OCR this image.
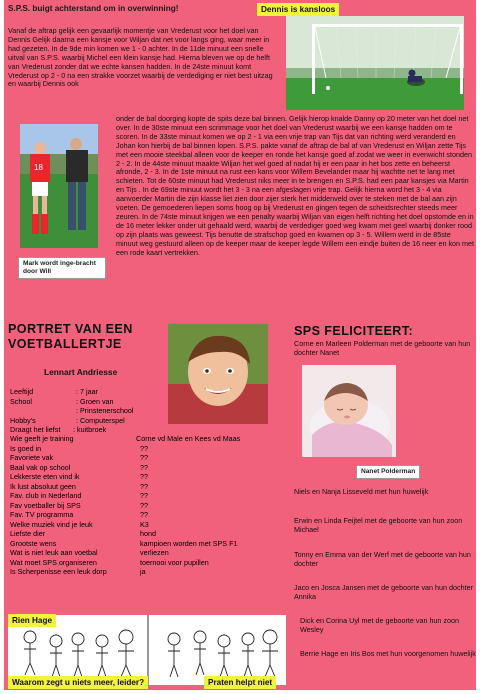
S.P.S. buigt achterstand om in overwinning!
Vanaf de aftrap gelijk een gevaarlijk momentje van Vrederust voor het doel van Dennis Gelijk daarna een kansje voor Wiljan dat net voor langs ging, waar meer in had gezeten. In de 9de min komen we 1 - 0 achter. In de 11de minuut een snelle uitval van S.P.S. waarbij Michel een klein kansje had. Hierna bleven we op de helft van Vrederust zonder dat we echte kansen hadden. In de 24ste minuut komt Vrederust op 2 - 0 na een strakke voorzet waarbij de verdediging er niet best uitzag en waarbij Dennis ook
Dennis is kanslоos
18
Mark wordt inge-bracht door Will
onder de bal doorging kopte de spits deze bal binnen. Gelijk hierop knalde Danny op 20 meter van het doel net over. In de 30ste minuut een scrimmage voor het doel van Vrederust waarbij we een kansje hadden om te scoren. In de 33ste minuut komen we op 2 - 1 via een vrije trap van Tijs dat van richting werd veranderd en Johan kon hierbij de bal binnen lopen. S.P.S. pakte vanaf de aftrap de bal af van Vrederust en Wiljan zette Tijs met een mooie steekbal alleen voor de keeper en ronde het kansje goed af zodat we weer in evenwicht stonden 2 - 2. In de 44ste minuut maakte Wiljan het wel goed af nadat hij er een paar in het bos zette en beheerst afronde, 2 - 3. In de 1ste minuut na rust een kans voor Willem Bevelander maar hij wachtte net te lang met schieten. Tot de 60ste minuut had Vrederust niks meer in te brengen en S.P.S. had een paar kansjes via Martin en Tijs . In de 69ste minuut wordt het 3 - 3 na een afgeslagen vrije trap. Gelijk hierna word het 3 - 4 via aanvoerder Martin die zijn klasse liet zien door zijer sterk het middenveld over te steken met de bal aan zijn voeten. De gemoederen liepen soms hoog op bij Vrederust en gingen tegen de scheidsrechter steeds meer zeuren. In de 74ste minuut krijgen we een penalty waarbij Wiljan van eigen helft richting het doel opstomde en in de 16 meter lekker onder uit gehaald werd, waarbij de verdediger goed weg kwam met geel waarbij donker rood op zijn plaats was geweest. Tijs benutte de strafschop goed en kwamen op 3 - 5. Willem werd in de 85ste minuut weg gestuurd alleen op de keeper maar de keeper legde Willem een eindje buiten de 16 neer en kon met een rode kaart vertrekken.
PORTRET VAN EEN
VOETBALLERTJE
Lennart Andriesse
Leeftijd	: 7 jaar
School	: Groen van
: Prinstenerschool
Hobby's	: Computerspel
Draagt het liefst : kuitbroek
Wie geeft je training	Corne vd Male en Kees vd Maas
Is goed in	??
Favoriete vak	??
Baal vak op school	??
Lekkerste eten vind ik	??
Ik lust absoluut geen	??
Fav. club in Nederland	??
Fav voetballer bij SPS	??
Fav. TV programma	??
Welke muziek vind je leuk	K3
Liefste dier	hond
Grootste wens	kampioen worden met SPS F1
Wat is niet leuk aan voetbal	verliezen
Wat moet SPS organiseren	toernooi voor pupillen
Is Scherpenisse een leuk dorp	ja
SPS FELICITEERT:
Corne en Marleen Polderman met de geboorte van hun dochter Nanet
Nanet Polderman
Niels en Nanja Lisseveld met hun huwelijk
Erwin en Linda Feijtel met de geboorte van hun zoon Michael
Tonny en Emma van der Werf met de geboorte van hun dochter
Jaco en Josca Jansen met de geboorte van hun dochter Annika
Dick en Corina Uyl met de geboorte van hun zoon Wesley
Berrie Hage en Iris Bos met hun voorgenomen huwelijk
Rien Hage
Waarom zegt u niets meer, leider?	Praten helpt niet
